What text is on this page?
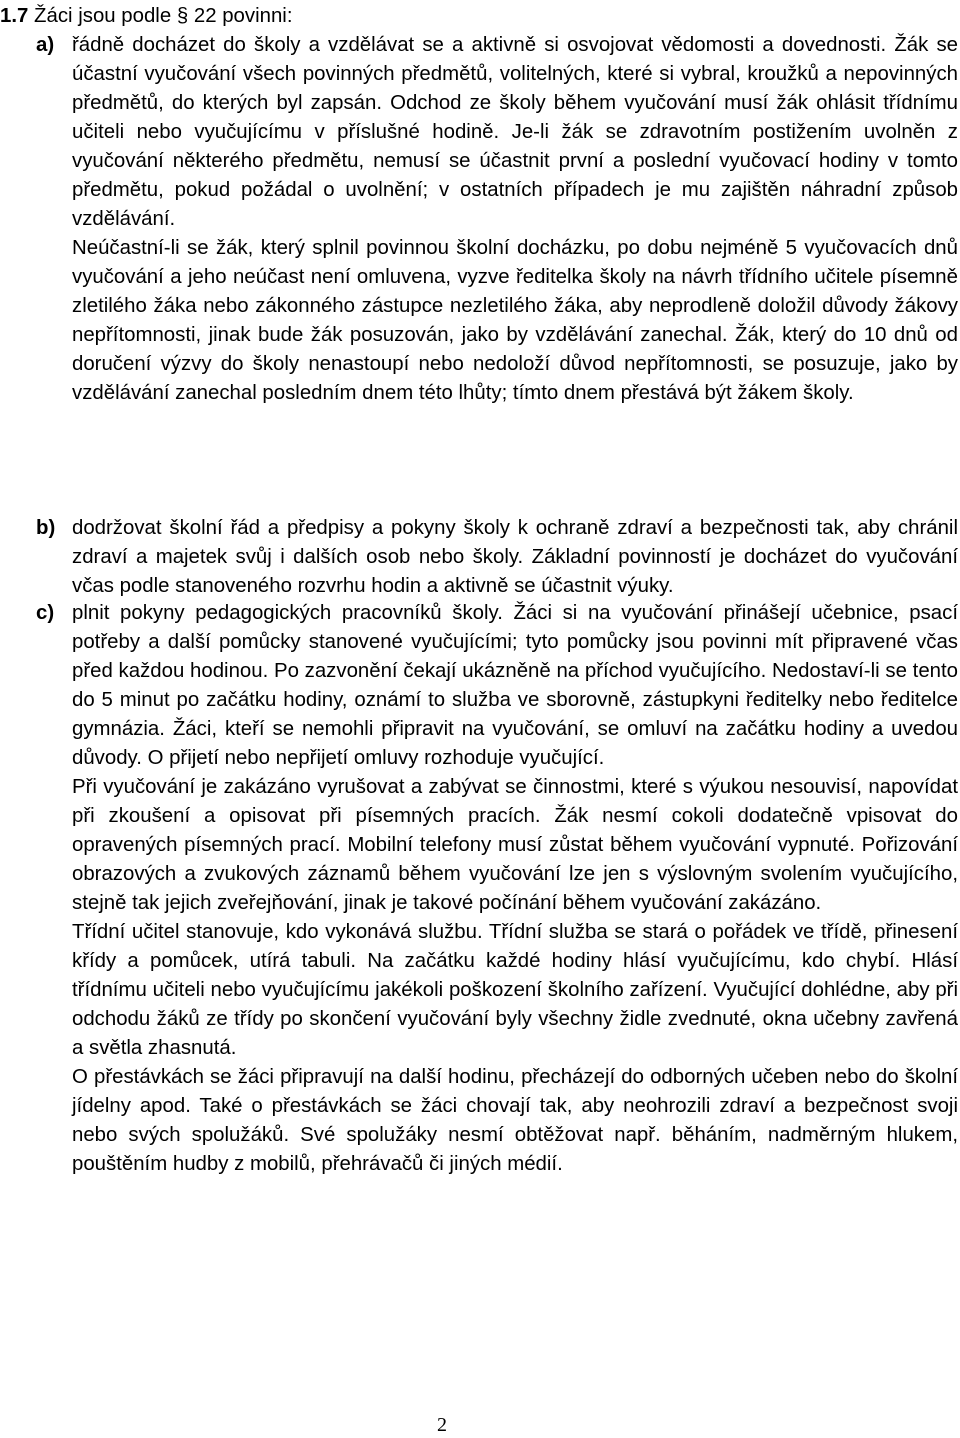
1.7 Žáci jsou podle § 22 povinni:
a) řádně docházet do školy a vzdělávat se a aktivně si osvojovat vědomosti a dovednosti. Žák se účastní vyučování všech povinných předmětů, volitelných, které si vybral, kroužků a nepovinných předmětů, do kterých byl zapsán. Odchod ze školy během vyučování musí žák ohlásit třídnímu učiteli nebo vyučujícímu v příslušné hodině. Je-li žák se zdravotním postižením uvolněn z vyučování některého předmětu, nemusí se účastnit první a poslední vyučovací hodiny v tomto předmětu, pokud požádal o uvolnění; v ostatních případech je mu zajištěn náhradní způsob vzdělávání.

Neúčastní-li se žák, který splnil povinnou školní docházku, po dobu nejméně 5 vyučovacích dnů vyučování a jeho neúčast není omluvena, vyzve ředitelka školy na návrh třídního učitele písemně zletilého žáka nebo zákonného zástupce nezletilého žáka, aby neprodleně doložil důvody žákovy nepřítomnosti, jinak bude žák posuzován, jako by vzdělávání zanechal. Žák, který do 10 dnů od doručení výzvy do školy nenastoupí nebo nedoloží důvod nepřítomnosti, se posuzuje, jako by vzdělávání zanechal posledním dnem této lhůty; tímto dnem přestává být žákem školy.

b) dodržovat školní řád a předpisy a pokyny školy k ochraně zdraví a bezpečnosti tak, aby chránil zdraví a majetek svůj i dalších osob nebo školy. Základní povinností je docházet do vyučování včas podle stanoveného rozvrhu hodin a aktivně se účastnit výuky.

c) plnit pokyny pedagogických pracovníků školy. Žáci si na vyučování přinášejí učebnice, psací potřeby a další pomůcky stanovené vyučujícími; tyto pomůcky jsou povinni mít připravené včas před každou hodinou. Po zazvonění čekají ukázněně na příchod vyučujícího. Nedostaví-li se tento do 5 minut po začátku hodiny, oznámí to služba ve sborovně, zástupkyni ředitelky nebo ředitelce gymnázia. Žáci, kteří se nemohli připravit na vyučování, se omluví na začátku hodiny a uvedou důvody. O přijetí nebo nepřijetí omluvy rozhoduje vyučující.

Při vyučování je zakázáno vyrušovat a zabývat se činnostmi, které s výukou nesouvisí, napovídat při zkoušení a opisovat při písemných pracích. Žák nesmí cokoli dodatečně vpisovat do opravených písemných prací. Mobilní telefony musí zůstat během vyučování vypnuté. Pořizování obrazových a zvukových záznamů během vyučování lze jen s výslovným svolením vyučujícího, stejně tak jejich zveřejňování, jinak je takové počínání během vyučování zakázáno.

Třídní učitel stanovuje, kdo vykonává službu. Třídní služba se stará o pořádek ve třídě, přinesení křídy a pomůcek, utírá tabuli. Na začátku každé hodiny hlásí vyučujícímu, kdo chybí. Hlásí třídnímu učiteli nebo vyučujícímu jakékoli poškození školního zařízení. Vyučující dohlédne, aby při odchodu žáků ze třídy po skončení vyučování byly všechny židle zvednuté, okna učebny zavřená a světla zhasnutá.

O přestávkách se žáci připravují na další hodinu, přecházejí do odborných učeben nebo do školní jídelny apod. Také o přestávkách se žáci chovají tak, aby neohrozili zdraví a bezpečnost svoji nebo svých spolužáků. Své spolužáky nesmí obtěžovat např. běháním, nadměrným hlukem, pouštěním hudby z mobilů, přehrávačů či jiných médií.

2
